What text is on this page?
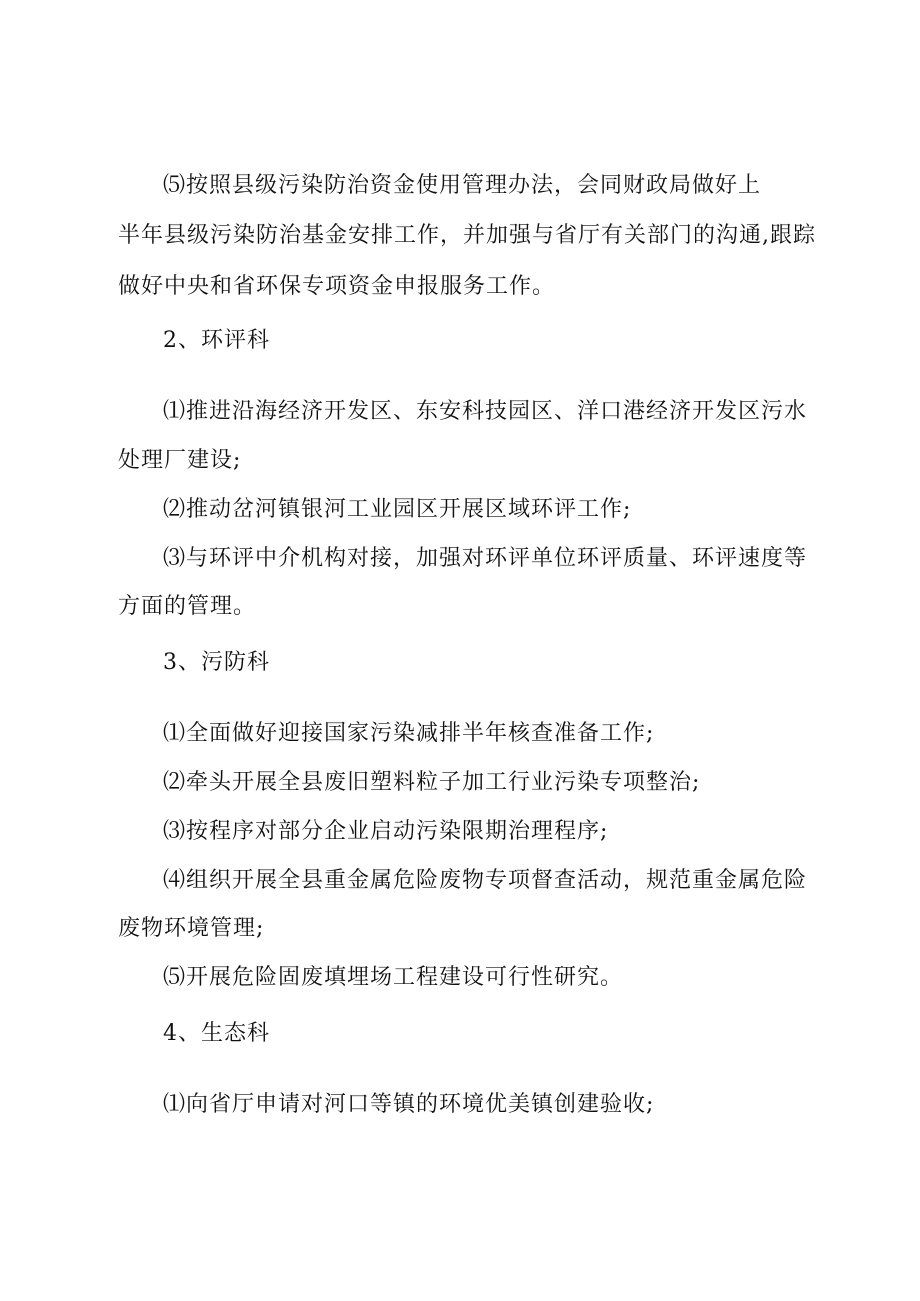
⑸按照县级污染防治资金使用管理办法，会同财政局做好上
半年县级污染防治基金安排工作，并加强与省厅有关部门的沟通,跟踪
做好中央和省环保专项资金申报服务工作。
2、环评科
⑴推进沿海经济开发区、东安科技园区、洋口港经济开发区污水
处理厂建设;
⑵推动岔河镇银河工业园区开展区域环评工作;
⑶与环评中介机构对接，加强对环评单位环评质量、环评速度等
方面的管理。
3、污防科
⑴全面做好迎接国家污染减排半年核查准备工作;
⑵牵头开展全县废旧塑料粒子加工行业污染专项整治;
⑶按程序对部分企业启动污染限期治理程序;
⑷组织开展全县重金属危险废物专项督查活动，规范重金属危险
废物环境管理;
⑸开展危险固废填埋场工程建设可行性研究。
4、生态科
⑴向省厅申请对河口等镇的环境优美镇创建验收;
